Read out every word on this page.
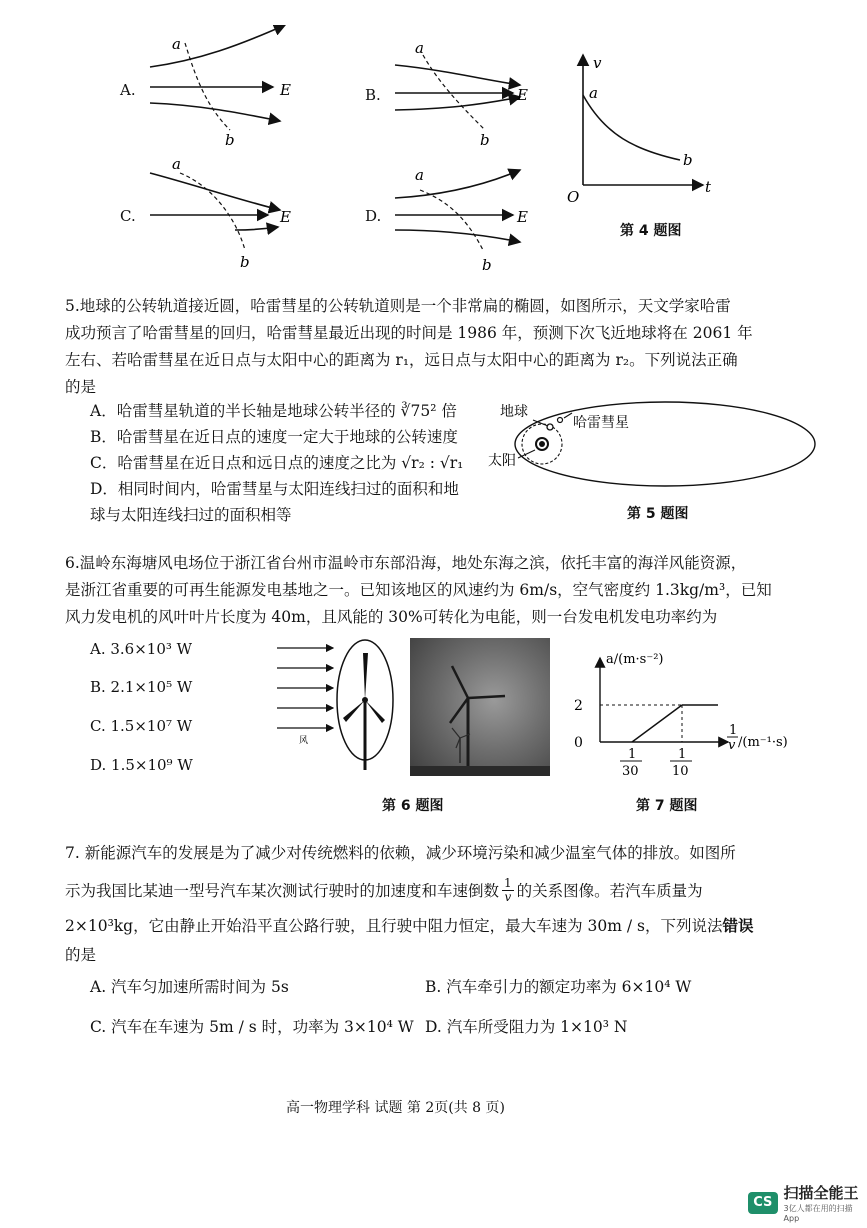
A.
a
b
E	B.
a
b
E
v
t
O
a
b
C.
a
b
E	D.
a
b
E
第 4 题图
5.地球的公转轨道接近圆，哈雷彗星的公转轨道则是一个非常扁的椭圆，如图所示，天文学家哈雷
成功预言了哈雷彗星的回归，哈雷彗星最近出现的时间是 1986 年，预测下次飞近地球将在 2061 年
左右、若哈雷彗星在近日点与太阳中心的距离为 r₁，远日点与太阳中心的距离为 r₂。下列说法正确
的是
A．哈雷彗星轨道的半长轴是地球公转半径的 ∛75² 倍
B．哈雷彗星在近日点的速度一定大于地球的公转速度
C．哈雷彗星在近日点和远日点的速度之比为 √r₂ : √r₁
D．相同时间内，哈雷彗星与太阳连线扫过的面积和地
球与太阳连线扫过的面积相等
地球
哈雷彗星
太阳
第 5 题图
6.温岭东海塘风电场位于浙江省台州市温岭市东部沿海，地处东海之滨，依托丰富的海洋风能资源，
是浙江省重要的可再生能源发电基地之一。已知该地区的风速约为 6m/s，空气密度约 1.3kg/m³，已知
风力发电机的风叶叶片长度为 40m，且风能的 30%可转化为电能，则一台发电机发电功率约为
A. 3.6×10³ W
B. 2.1×10⁵ W
C. 1.5×10⁷ W
D. 1.5×10⁹ W
风
第 6 题图
a/(m·s⁻²)
2
0
1
v /(m⁻¹·s)
1
30
1
10
第 7 题图
7. 新能源汽车的发展是为了减少对传统燃料的依赖，减少环境污染和减少温室气体的排放。如图所
示为我国比某迪一型号汽车某次测试行驶时的加速度和车速倒数 $\frac{1}{v}$ 的关系图像。若汽车质量为
2×10³kg，它由静止开始沿平直公路行驶，且行驶中阻力恒定，最大车速为 30m / s，下列说法错误
的是
A. 汽车匀加速所需时间为 5s	B. 汽车牵引力的额定功率为 6×10⁴ W
C. 汽车在车速为 5m / s 时，功率为 3×10⁴ W D. 汽车所受阻力为 1×10³ N
高一物理学科 试题 第 2页(共 8 页)
CS
扫描全能王
3亿人都在用的扫描App
